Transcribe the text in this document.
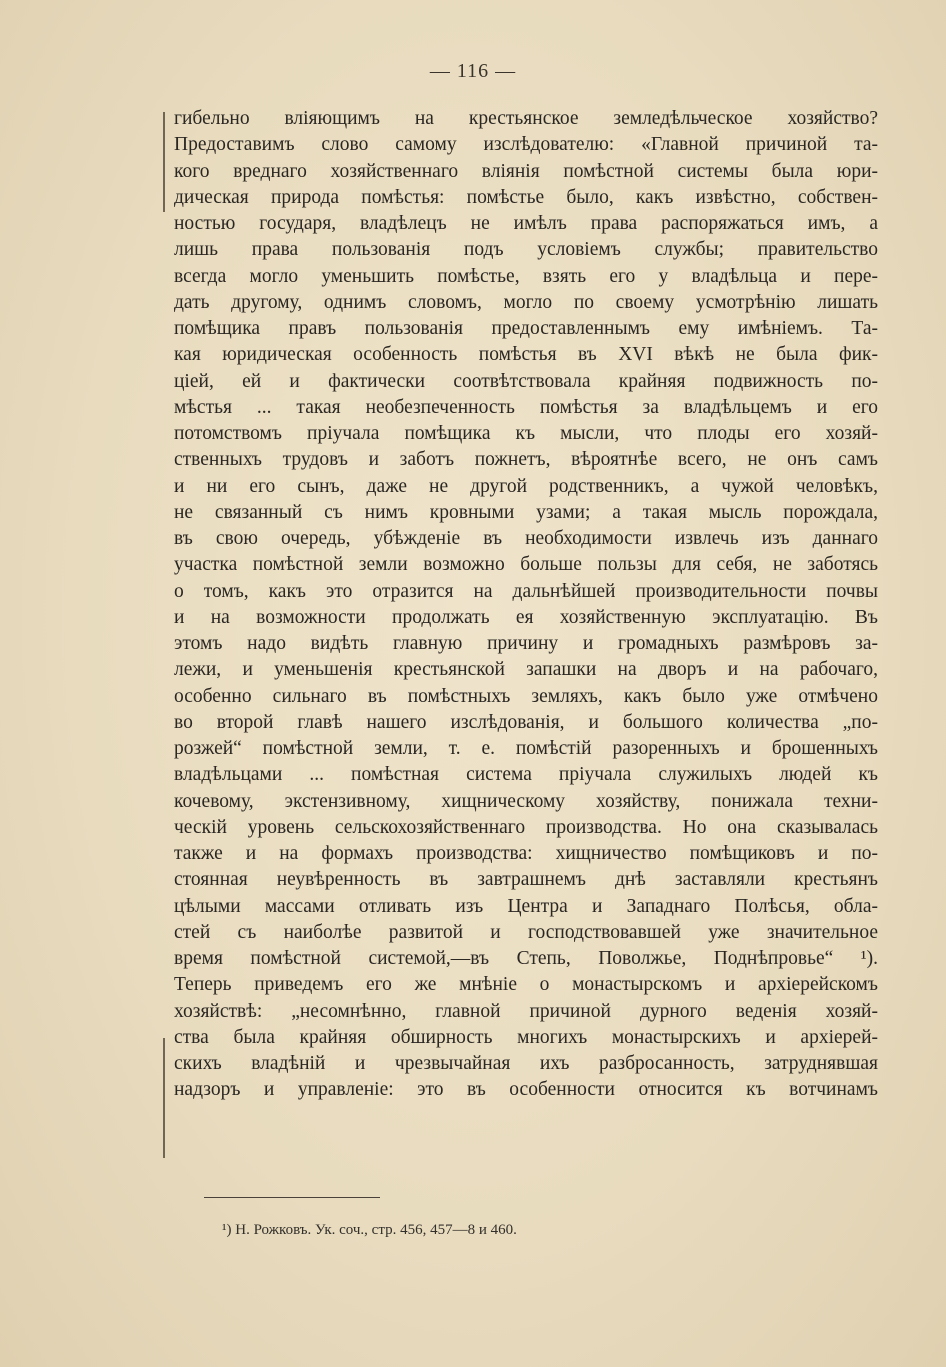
— 116 —
гибельно вліяющимъ на крестьянское земледѣльческое хозяйство?
Предоставимъ слово самому изслѣдователю: «Главной причиной та-
кого вреднаго хозяйственнаго вліянія помѣстной системы была юри-
дическая природа помѣстья: помѣстье было, какъ извѣстно, собствен-
ностью государя, владѣлецъ не имѣлъ права распоряжаться имъ, а
лишь права пользованія подъ условіемъ службы; правительство
всегда могло уменьшить помѣстье, взять его у владѣльца и пере-
дать другому, однимъ словомъ, могло по своему усмотрѣнію лишать
помѣщика правъ пользованія предоставленнымъ ему имѣніемъ. Та-
кая юридическая особенность помѣстья въ XVI вѣкѣ не была фик-
ціей, ей и фактически соотвѣтствовала крайняя подвижность по-
мѣстья ... такая необезпеченность помѣстья за владѣльцемъ и его
потомствомъ пріучала помѣщика къ мысли, что плоды его хозяй-
ственныхъ трудовъ и заботъ пожнетъ, вѣроятнѣе всего, не онъ самъ
и ни его сынъ, даже не другой родственникъ, а чужой человѣкъ,
не связанный съ нимъ кровными узами; а такая мысль порождала,
въ свою очередь, убѣжденіе въ необходимости извлечь изъ даннаго
участка помѣстной земли возможно больше пользы для себя, не заботясь
о томъ, какъ это отразится на дальнѣйшей производительности почвы
и на возможности продолжать ея хозяйственную эксплуатацію. Въ
этомъ надо видѣть главную причину и громадныхъ размѣровъ за-
лежи, и уменьшенія крестьянской запашки на дворъ и на рабочаго,
особенно сильнаго въ помѣстныхъ земляхъ, какъ было уже отмѣчено
во второй главѣ нашего изслѣдованія, и большого количества „по-
розжей“ помѣстной земли, т. е. помѣстій разоренныхъ и брошенныхъ
владѣльцами ... помѣстная система пріучала служилыхъ людей къ
кочевому, экстензивному, хищническому хозяйству, понижала техни-
ческій уровень сельскохозяйственнаго производства. Но она сказывалась
также и на формахъ производства: хищничество помѣщиковъ и по-
стоянная неувѣренность въ завтрашнемъ днѣ заставляли крестьянъ
цѣлыми массами отливать изъ Центра и Западнаго Полѣсья, обла-
стей съ наиболѣе развитой и господствовавшей уже значительное
время помѣстной системой,—въ Степь, Поволжье, Поднѣпровье“ ¹).
Теперь приведемъ его же мнѣніе о монастырскомъ и архіерейскомъ
хозяйствѣ: „несомнѣнно, главной причиной дурного веденія хозяй-
ства была крайняя обширность многихъ монастырскихъ и архіерей-
скихъ владѣній и чрезвычайная ихъ разбросанность, затруднявшая
надзоръ и управленіе: это въ особенности относится къ вотчинамъ
¹) Н. Рожковъ. Ук. соч., стр. 456, 457—8 и 460.
